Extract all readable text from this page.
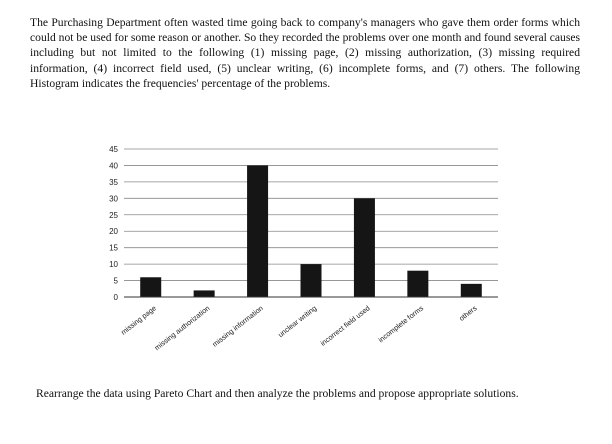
The Purchasing Department often wasted time going back to company's managers who gave them order forms which could not be used for some reason or another. So they recorded the problems over one month and found several causes including but not limited to the following (1) missing page, (2) missing authorization, (3) missing required information, (4) incorrect field used, (5) unclear writing, (6) incomplete forms, and (7) others. The following Histogram indicates the frequencies' percentage of the problems.

0
5
10
15
20
25
30
35
40
45
missing page
missing authorization missing information unclear writing incorrect field used incomplete forms	others

Rearrange the data using Pareto Chart and then analyze the problems and propose appropriate solutions.
